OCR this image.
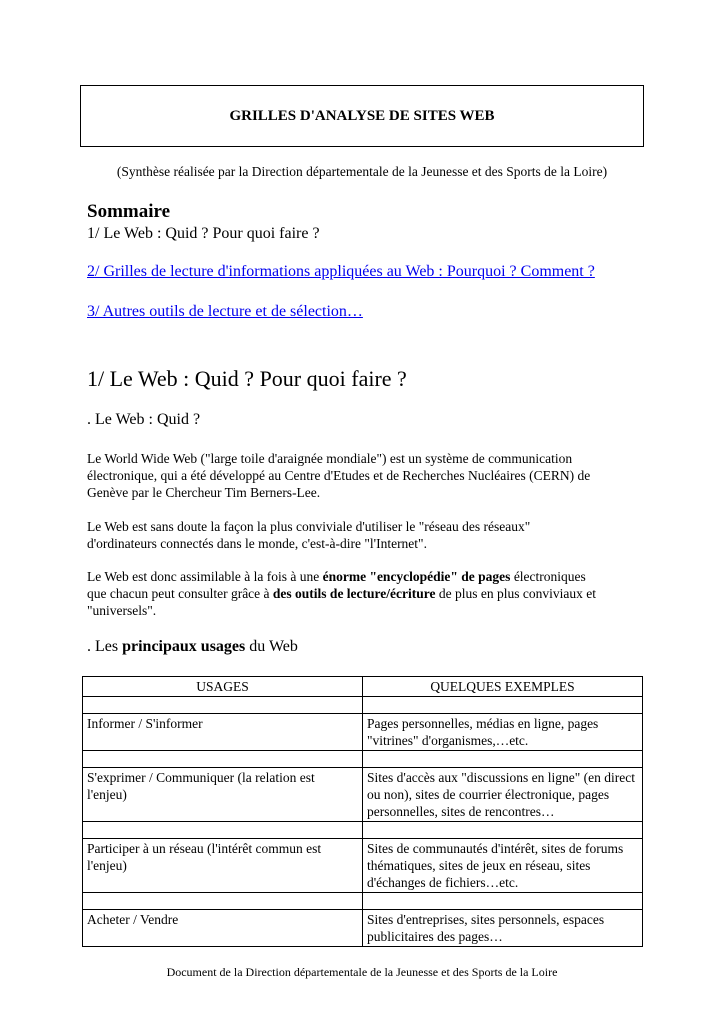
GRILLES D'ANALYSE DE SITES WEB
(Synthèse réalisée par la Direction départementale de la Jeunesse et des Sports de la Loire)
Sommaire
1/ Le Web : Quid ? Pour quoi faire ?
2/ Grilles de lecture d'informations appliquées au Web : Pourquoi ? Comment ?
3/ Autres outils de lecture et de sélection…
1/ Le Web : Quid ? Pour quoi faire ?
. Le Web : Quid ?

Le World Wide Web ("large toile d'araignée mondiale") est un système de communication
électronique, qui a été développé au Centre d'Etudes et de Recherches Nucléaires (CERN) de
Genève par le Chercheur Tim Berners-Lee.

Le Web est sans doute la façon la plus conviviale d'utiliser le "réseau des réseaux"
d'ordinateurs connectés dans le monde, c'est-à-dire "l'Internet".

Le Web est donc assimilable à la fois à une énorme "encyclopédie" de pages électroniques
que chacun peut consulter grâce à des outils de lecture/écriture de plus en plus conviviaux et
"universels".

. Les principaux usages du Web
USAGES	QUELQUES EXEMPLES

Informer / S'informer	Pages personnelles, médias en ligne, pages "vitrines" d'organismes,…etc.

S'exprimer / Communiquer (la relation est l'enjeu)	Sites d'accès aux "discussions en ligne" (en direct ou non), sites de courrier électronique, pages personnelles, sites de rencontres…

Participer à un réseau (l'intérêt commun est l'enjeu)	Sites de communautés d'intérêt, sites de forums thématiques, sites de jeux en réseau, sites d'échanges de fichiers…etc.

Acheter / Vendre	Sites d'entreprises, sites personnels, espaces publicitaires des pages…
Document de la Direction départementale de la Jeunesse et des Sports de la Loire
